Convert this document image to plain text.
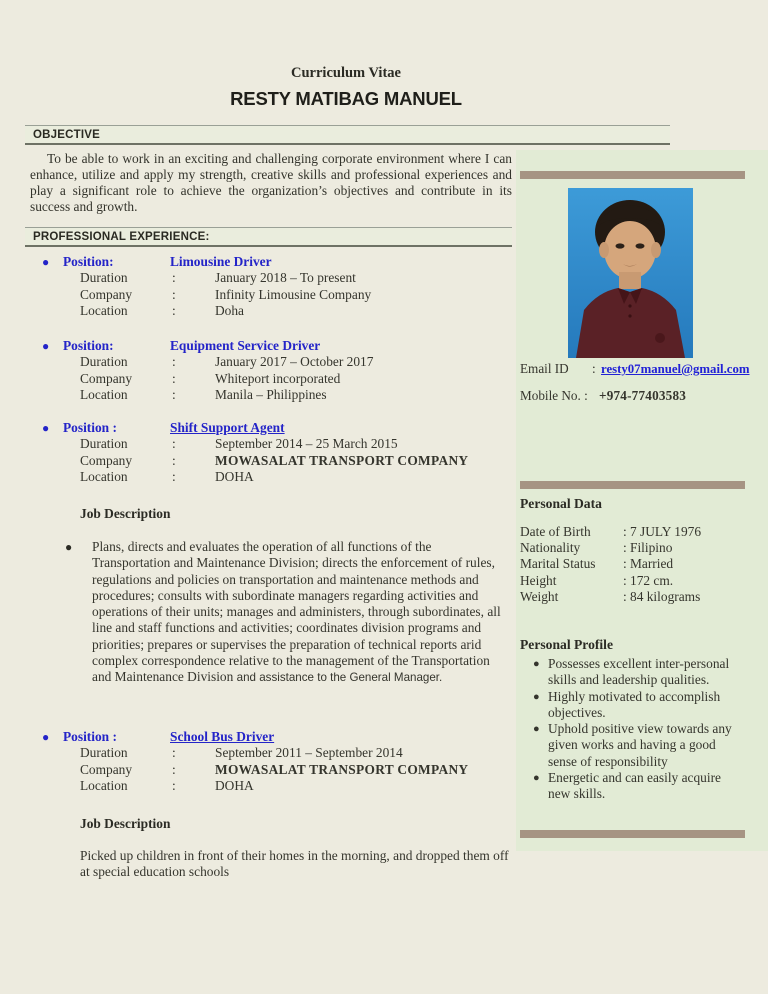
Curriculum Vitae
RESTY MATIBAG MANUEL
OBJECTIVE

To be able to work in an exciting and challenging corporate environment where I can enhance, utilize and apply my strength, creative skills and professional experiences and play a significant role to achieve the organization’s objectives and contribute in its success and growth.

PROFESSIONAL EXPERIENCE:
● Position:	Limousine Driver
Duration	:	January 2018 – To present
Company	:	Infinity Limousine Company
Location	:	Doha
● Position:	Equipment Service Driver
Duration	:	January 2017 – October 2017
Company	:	Whiteport incorporated
Location	:	Manila – Philippines
● Position :	Shift Support Agent
Duration	:	September 2014 – 25 March 2015
Company	:	MOWASALAT TRANSPORT COMPANY
Location	:	DOHA
Job Description
● Plans, directs and evaluates the operation of all functions of the Transportation and Maintenance Division; directs the enforcement of rules, regulations and policies on transportation and maintenance methods and procedures; consults with subordinate managers regarding activities and operations of their units; manages and administers, through subordinates, all line and staff functions and activities; coordinates division programs and priorities; prepares or supervises the preparation of technical reports arid complex correspondence relative to the management of the Transportation and Maintenance Division and assistance to the General Manager.
● Position :	School Bus Driver
Duration	:	September 2011 – September 2014
Company	:	MOWASALAT TRANSPORT COMPANY
Location	:	DOHA
Job Description

Picked up children in front of their homes in the morning, and dropped them off at special education schools

Email ID : resty07manuel@gmail.com
Mobile No. : +974-77403583
Personal Data
Date of Birth : 7 JULY 1976
Nationality	: Filipino
Marital Status : Married
Height	: 172 cm.
Weight	: 84 kilograms
Personal Profile
● Possesses excellent inter-personal skills and leadership qualities.
● Highly motivated to accomplish objectives.
● Uphold positive view towards any given works and having a good sense of responsibility
● Energetic and can easily acquire new skills.
